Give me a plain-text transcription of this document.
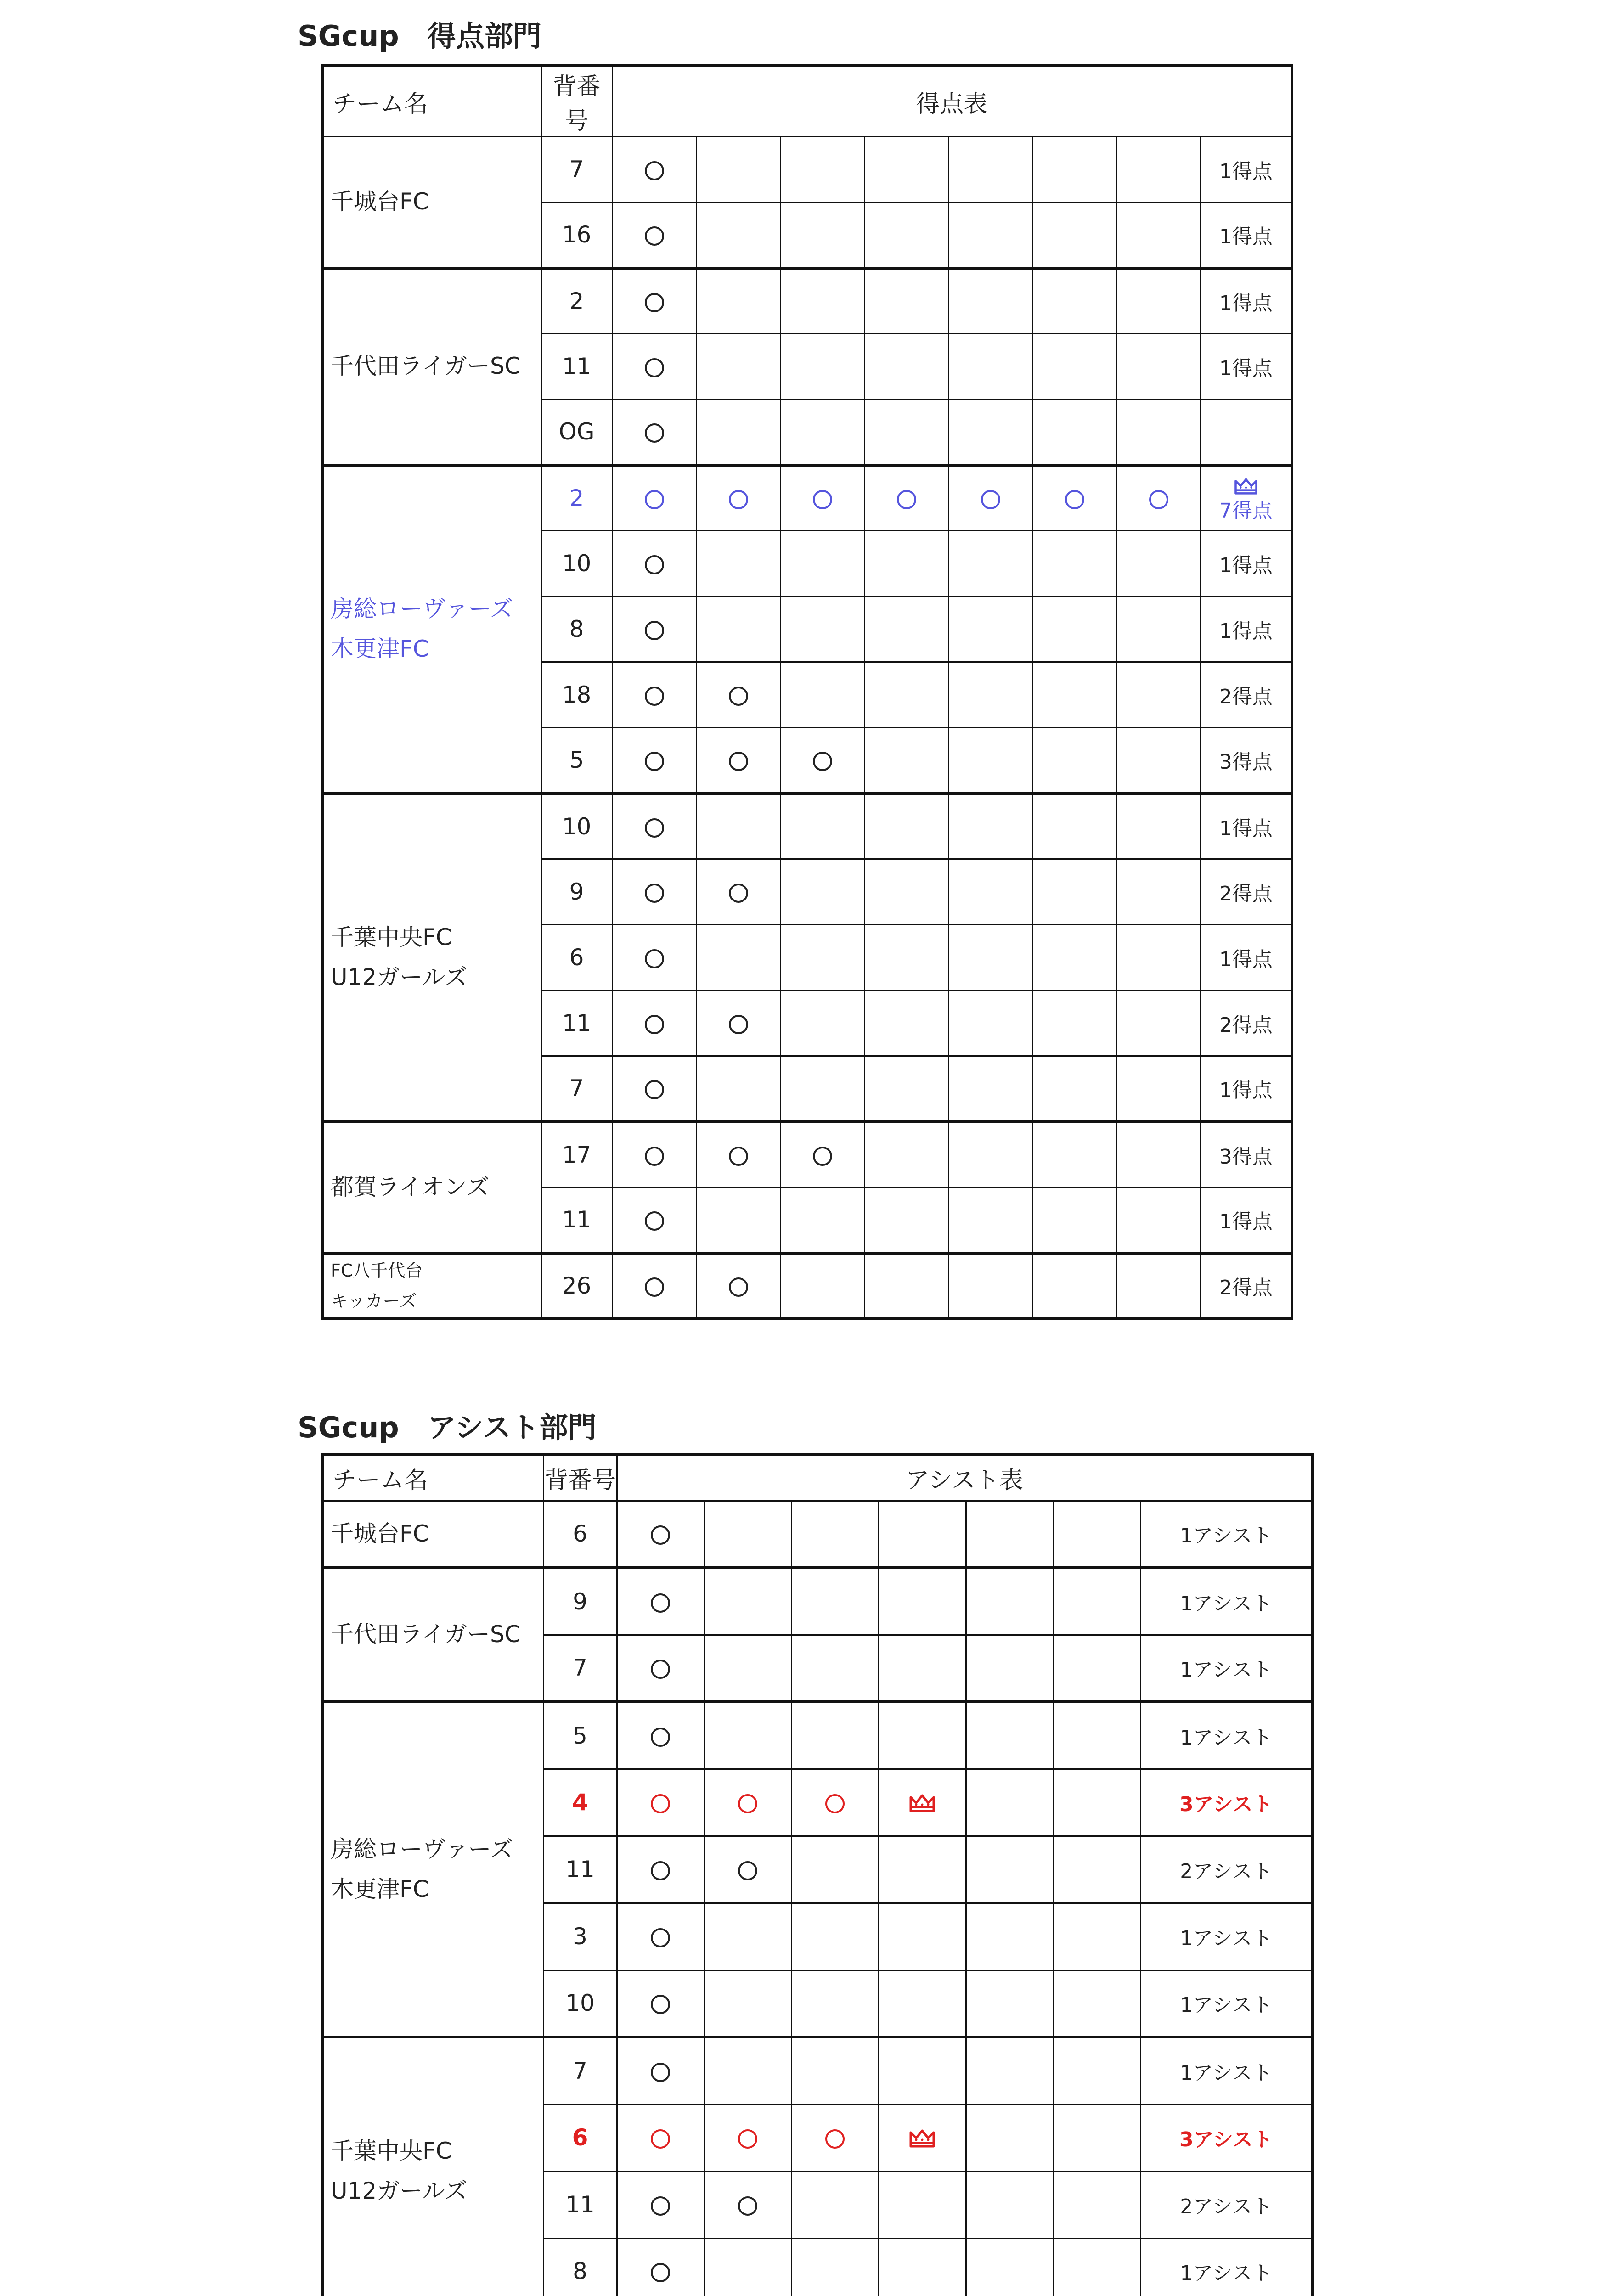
SGcup　得点部門
チーム名	背番号	得点表							
千城台FC	7								1得点
	16								1得点
千代田ライガーSC	2								1得点
	11								1得点
	OG								
房総ローヴァーズ
木更津FC	2								7得点

	10								1得点
	8								1得点
	18								2得点
	5								3得点
千葉中央FC
U12ガールズ	10								1得点
	9								2得点
	6								1得点
	11								2得点
	7								1得点
都賀ライオンズ	17								3得点
	11								1得点
FC八千代台
キッカーズ	26								2得点
SGcup　アシスト部門
チーム名	背番号	アシスト表						
千城台FC	6							1アシスト
千代田ライガーSC	9							1アシスト
	7							1アシスト
房総ローヴァーズ
木更津FC	5							1アシスト
	4							3アシスト
	11							2アシスト
	3							1アシスト
	10							1アシスト
千葉中央FC
U12ガールズ	7							1アシスト
	6							3アシスト
	11							2アシスト
	8							1アシスト
